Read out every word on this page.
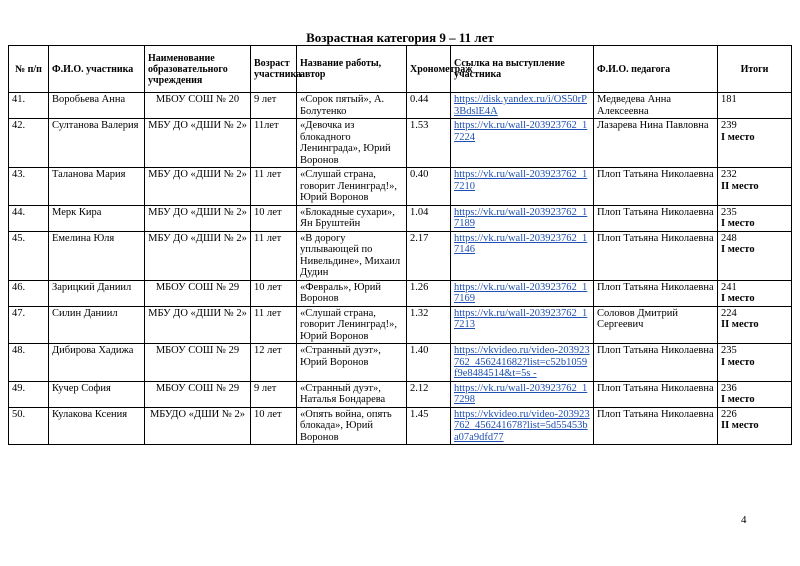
Возрастная категория 9 – 11 лет
№ п/п	Ф.И.О. участника	Наименование образовательного учреждения	Возраст участника	Название работы, автор	Хронометраж	Ссылка на выступление участника	Ф.И.О. педагога	Итоги
41.	Воробьева Анна	МБОУ СОШ № 20	9 лет	«Сорок пятый», А. Болутенко	0.44	https://disk.yandex.ru/i/OS50rP3BdslE4A	Медведева Анна Алексеевна	181

42.	Султанова Валерия	МБУ ДО «ДШИ № 2»	11лет	«Девочка из блокадного Ленинграда», Юрий Воронов	1.53	https://vk.ru/wall-203923762_17224	Лазарева Нина Павловна	239
I место

43.	Таланова Мария	МБУ ДО «ДШИ № 2»	11 лет	«Слушай страна, говорит Ленинград!», Юрий Воронов	0.40	https://vk.ru/wall-203923762_17210	Плоп Татьяна Николаевна	232
II место

44.	Мерк Кира	МБУ ДО «ДШИ № 2»	10 лет	«Блокадные сухари», Ян Бруштейн	1.04	https://vk.ru/wall-203923762_17189	Плоп Татьяна Николаевна	235
I место

45.	Емелина Юля	МБУ ДО «ДШИ № 2»	11 лет	«В дорогу уплывающей по Нивельдине», Михаил Дудин	2.17	https://vk.ru/wall-203923762_17146	Плоп Татьяна Николаевна	248
I место

46.	Зарицкий Даниил	МБОУ СОШ № 29	10 лет	«Февраль», Юрий Воронов	1.26	https://vk.ru/wall-203923762_17169	Плоп Татьяна Николаевна	241
I место

47.	Силин Даниил	МБУ ДО «ДШИ № 2»	11 лет	«Слушай страна, говорит Ленинград!», Юрий Воронов	1.32	https://vk.ru/wall-203923762_17213	Соловов Дмитрий Сергеевич	224
II место

48.	Дибирова Хадижа	МБОУ СОШ № 29	12 лет	«Странный дуэт», Юрий Воронов	1.40	https://vkvideo.ru/video-203923762_456241682?list=c52b1059f9e8484514&t=5s -	Плоп Татьяна Николаевна	235
I место

49.	Кучер София	МБОУ СОШ № 29	9 лет	«Странный дуэт», Наталья Бондарева	2.12	https://vk.ru/wall-203923762_17298	Плоп Татьяна Николаевна	236
I место

50.	Кулакова Ксения	МБУДО «ДШИ № 2»	10 лет	«Опять война, опять блокада», Юрий Воронов	1.45	https://vkvideo.ru/video-203923762_456241678?list=5d55453ba07a9dfd77	Плоп Татьяна Николаевна	226
II место
4
